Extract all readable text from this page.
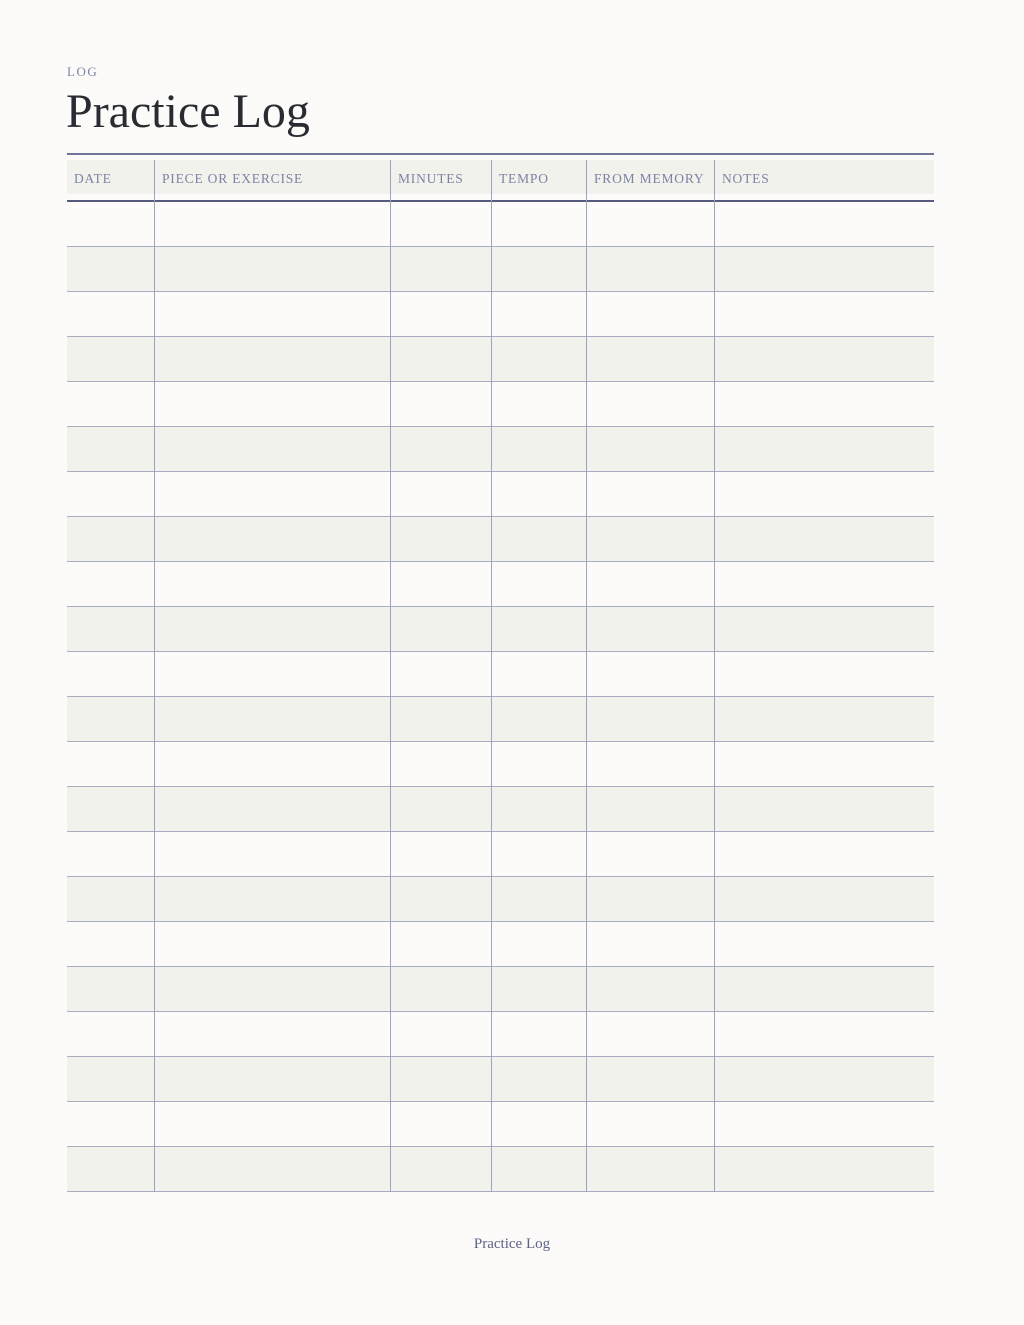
LOG
Practice Log
DATE	PIECE OR EXERCISE	MINUTES	TEMPO	FROM MEMORY	NOTES
Practice Log
